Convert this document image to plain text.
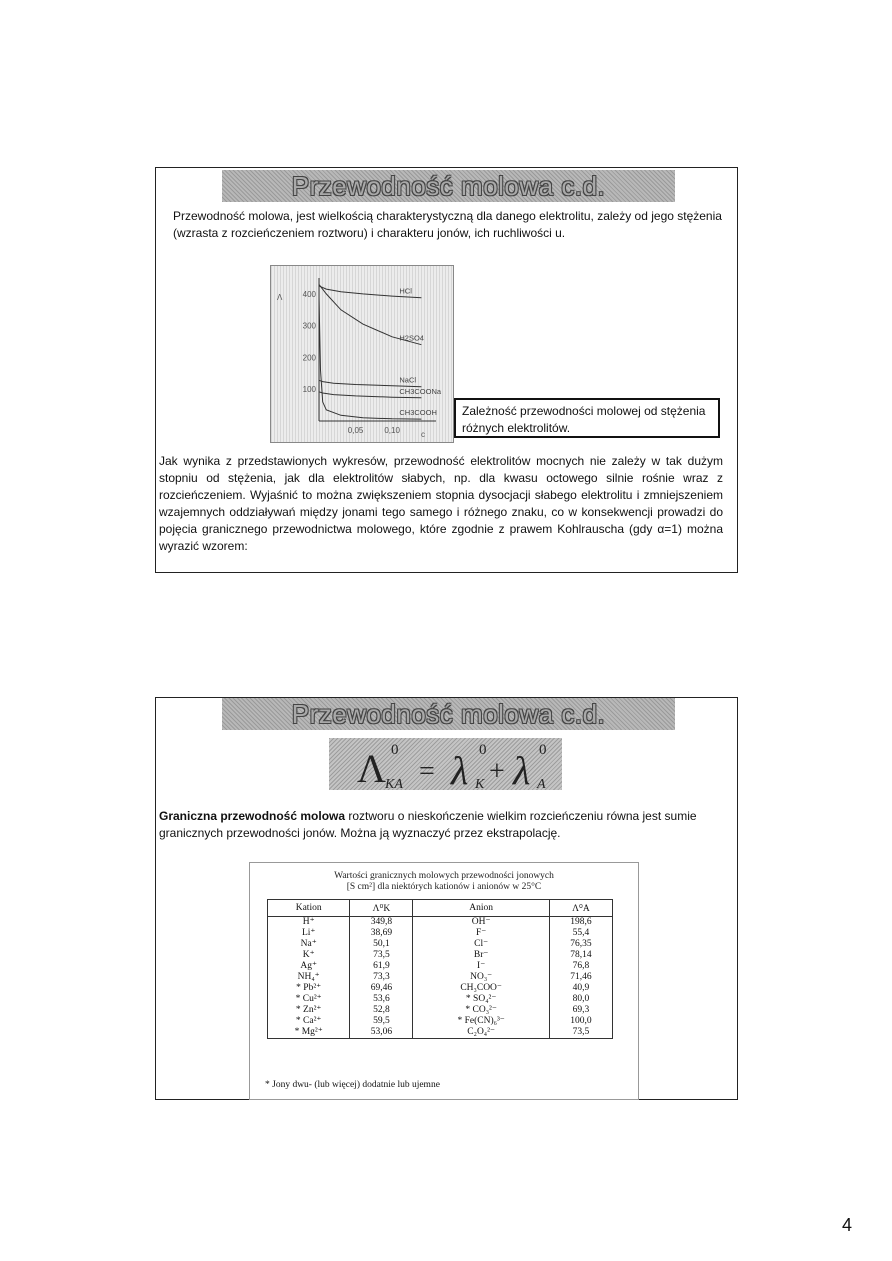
Przewodność molowa c.d.
Przewodność molowa, jest wielkością charakterystyczną dla danego elektrolitu, zależy od jego stężenia (wzrasta z rozcieńczeniem roztworu) i charakteru jonów, ich ruchliwości u.
Λ
c
400
300
200
100
0,05	0,10
HCl
H2SO4
NaCl
CH3COONa
CH3COOH	Zależność przewodności molowej od stężenia różnych elektrolitów.
Jak wynika z przedstawionych wykresów, przewodność elektrolitów mocnych nie zależy w tak dużym stopniu od stężenia, jak dla elektrolitów słabych, np. dla kwasu octowego silnie rośnie wraz z rozcieńczeniem. Wyjaśnić to można zwiększeniem stopnia dysocjacji słabego elektrolitu i zmniejszeniem wzajemnych oddziaływań między jonami tego samego i różnego znaku, co w konsekwencji prowadzi do pojęcia granicznego przewodnictwa molowego, które zgodnie z prawem Kohlrauscha (gdy α=1) można wyrazić wzorem:
Przewodność molowa c.d.
Λ
KA
0
= λ K
0
+ λ A
0
Graniczna przewodność molowa roztworu o nieskończenie wielkim rozcieńczeniu równa jest sumie granicznych przewodności jonów. Można ją wyznaczyć przez ekstrapolację.
Wartości granicznych molowych przewodności jonowych
[S cm²] dla niektórych kationów i anionów w 25°C
Kation	Λ⁰K	Anion	Λ⁰A
H⁺	349,8	OH⁻	198,6
Li⁺	38,69	F⁻	55,4
Na⁺	50,1	Cl⁻	76,35
K⁺	73,5	Br⁻	78,14
Ag⁺	61,9	I⁻	76,8
NH₄⁺	73,3	NO₃⁻	71,46
* Pb²⁺	69,46	CH₃COO⁻	40,9
* Cu²⁺	53,6	* SO₄²⁻	80,0
* Zn²⁺	52,8	* CO₃²⁻	69,3
* Ca²⁺	59,5	* Fe(CN)₆³⁻	100,0
* Mg²⁺	53,06	C₂O₄²⁻	73,5
* Jony dwu- (lub więcej) dodatnie lub ujemne
4
